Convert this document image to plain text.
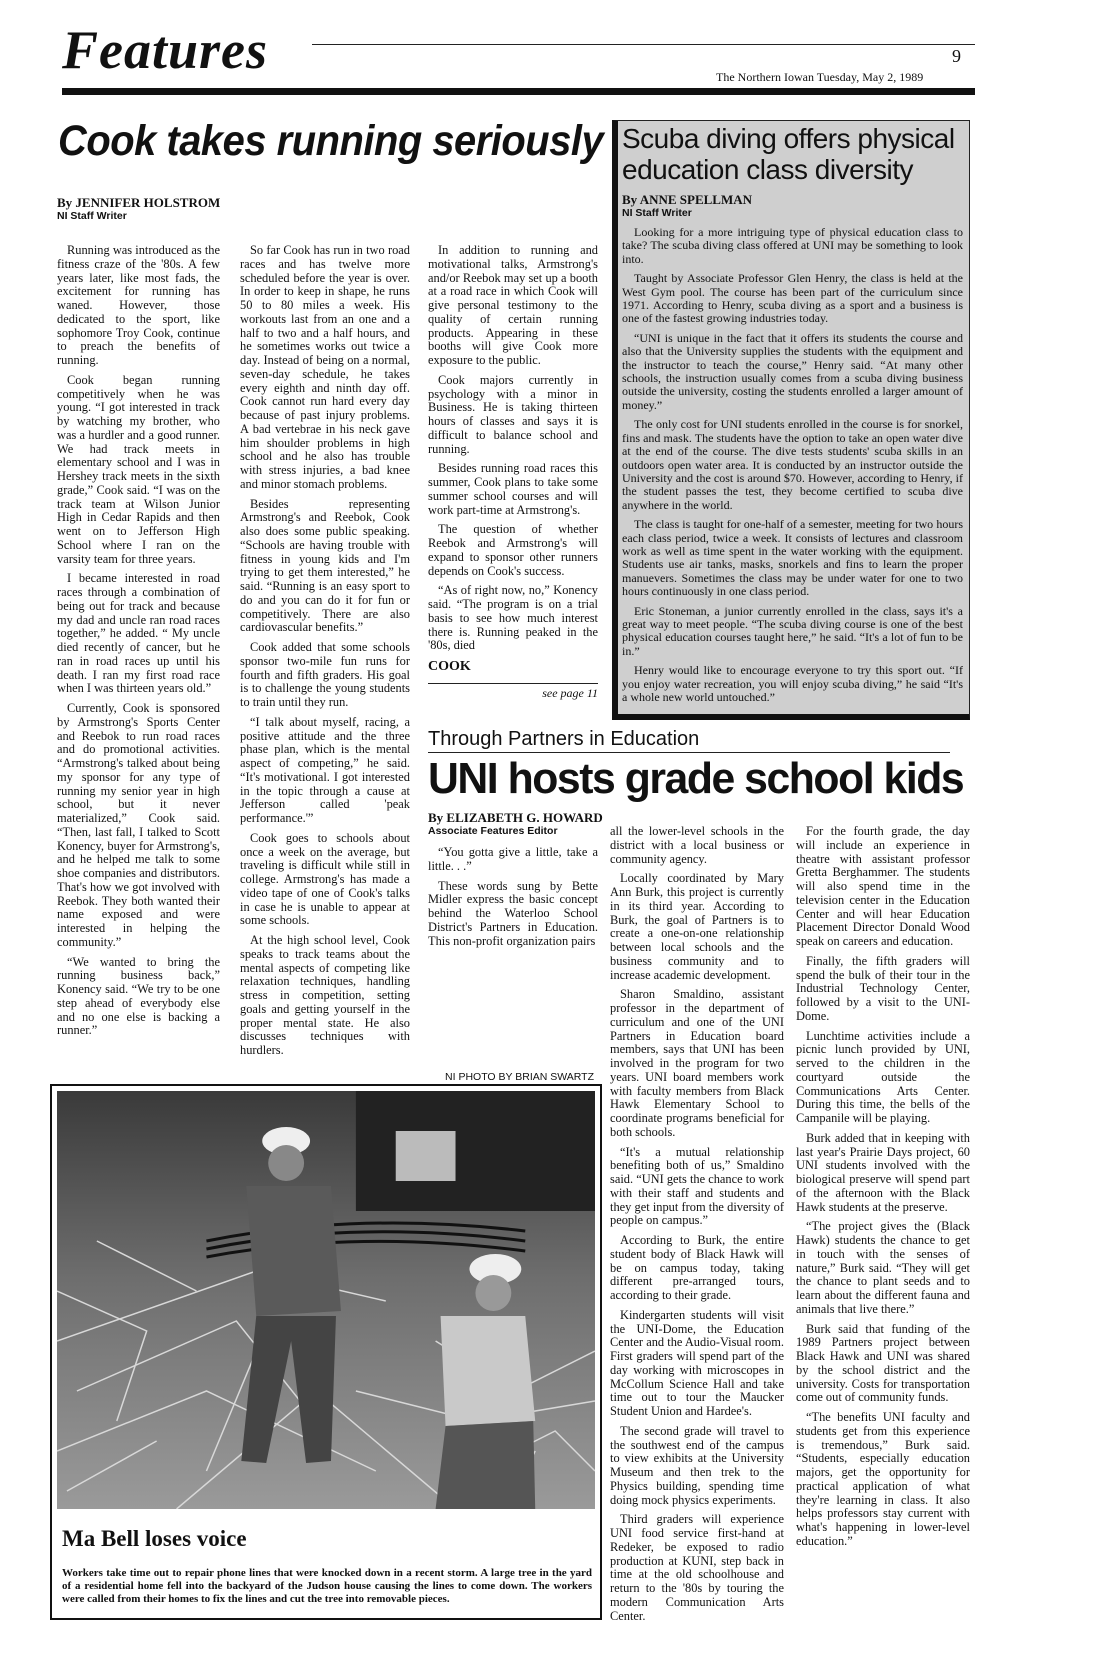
Features	9
The Northern Iowan Tuesday, May 2, 1989
Cook takes running seriously
By JENNIFER HOLSTROM
NI Staff Writer

Running was introduced as the fitness craze of the '80s. A few years later, like most fads, the excitement for running has waned. However, those dedicated to the sport, like sophomore Troy Cook, continue to preach the benefits of running.

Cook began running competitively when he was young. “I got interested in track by watching my brother, who was a hurdler and a good runner. We had track meets in elementary school and I was in Hershey track meets in the sixth grade,” Cook said. “I was on the track team at Wilson Junior High in Cedar Rapids and then went on to Jefferson High School where I ran on the varsity team for three years.

I became interested in road races through a combination of being out for track and because my dad and uncle ran road races together,” he added. “ My uncle died recently of cancer, but he ran in road races up until his death. I ran my first road race when I was thirteen years old.”

Currently, Cook is sponsored by Armstrong's Sports Center and Reebok to run road races and do promotional activities. “Armstrong's talked about being my sponsor for any type of running my senior year in high school, but it never materialized,” Cook said. “Then, last fall, I talked to Scott Konency, buyer for Armstrong's, and he helped me talk to some shoe companies and distributors. That's how we got involved with Reebok. They both wanted their name exposed and were interested in helping the community.”

“We wanted to bring the running business back,” Konency said. “We try to be one step ahead of everybody else and no one else is backing a runner.”

So far Cook has run in two road races and has twelve more scheduled before the year is over. In order to keep in shape, he runs 50 to 80 miles a week. His workouts last from an one and a half to two and a half hours, and he sometimes works out twice a day. Instead of being on a normal, seven-day schedule, he takes every eighth and ninth day off. Cook cannot run hard every day because of past injury problems. A bad vertebrae in his neck gave him shoulder problems in high school and he also has trouble with stress injuries, a bad knee and minor stomach problems.

Besides representing Armstrong's and Reebok, Cook also does some public speaking. “Schools are having trouble with fitness in young kids and I'm trying to get them interested,” he said. “Running is an easy sport to do and you can do it for fun or competitively. There are also cardiovascular benefits.”

Cook added that some schools sponsor two-mile fun runs for fourth and fifth graders. His goal is to challenge the young students to train until they run.

“I talk about myself, racing, a positive attitude and the three phase plan, which is the mental aspect of competing,” he said. “It's motivational. I got interested in the topic through a cause at Jefferson called 'peak performance.'”

Cook goes to schools about once a week on the average, but traveling is difficult while still in college. Armstrong's has made a video tape of one of Cook's talks in case he is unable to appear at some schools.

At the high school level, Cook speaks to track teams about the mental aspects of competing like relaxation techniques, handling stress in competition, setting goals and getting yourself in the proper mental state. He also discusses techniques with hurdlers.

In addition to running and motivational talks, Armstrong's and/or Reebok may set up a booth at a road race in which Cook will give personal testimony to the quality of certain running products. Appearing in these booths will give Cook more exposure to the public.

Cook majors currently in psychology with a minor in Business. He is taking thirteen hours of classes and says it is difficult to balance school and running.

Besides running road races this summer, Cook plans to take some summer school courses and will work part-time at Armstrong's.

The question of whether Reebok and Armstrong's will expand to sponsor other runners depends on Cook's success.

“As of right now, no,” Konency said. “The program is on a trial basis to see how much interest there is. Running peaked in the '80s, died

COOK
see page 11
Scuba diving offers physical education class diversity
By ANNE SPELLMAN
NI Staff Writer

Looking for a more intriguing type of physical education class to take? The scuba diving class offered at UNI may be something to look into.

Taught by Associate Professor Glen Henry, the class is held at the West Gym pool. The course has been part of the curriculum since 1971. According to Henry, scuba diving as a sport and a business is one of the fastest growing industries today.

“UNI is unique in the fact that it offers its students the course and also that the University supplies the students with the equipment and the instructor to teach the course,” Henry said. “At many other schools, the instruction usually comes from a scuba diving business outside the university, costing the students enrolled a larger amount of money.”

The only cost for UNI students enrolled in the course is for snorkel, fins and mask. The students have the option to take an open water dive at the end of the course. The dive tests students' scuba skills in an outdoors open water area. It is conducted by an instructor outside the University and the cost is around $70. However, according to Henry, if the student passes the test, they become certified to scuba dive anywhere in the world.

The class is taught for one-half of a semester, meeting for two hours each class period, twice a week. It consists of lectures and classroom work as well as time spent in the water working with the equipment. Students use air tanks, masks, snorkels and fins to learn the proper manuevers. Sometimes the class may be under water for one to two hours continuously in one class period.

Eric Stoneman, a junior currently enrolled in the class, says it's a great way to meet people. “The scuba diving course is one of the best physical education courses taught here,” he said. “It's a lot of fun to be in.”

Henry would like to encourage everyone to try this sport out. “If you enjoy water recreation, you will enjoy scuba diving,” he said “It's a whole new world untouched.”

Through Partners in Education
UNI hosts grade school kids
By ELIZABETH G. HOWARD
Associate Features Editor

“You gotta give a little, take a little. . .”

These words sung by Bette Midler express the basic concept behind the Waterloo School District's Partners in Education. This non-profit organization pairs

all the lower-level schools in the district with a local business or community agency.

Locally coordinated by Mary Ann Burk, this project is currently in its third year. According to Burk, the goal of Partners is to create a one-on-one relationship between local schools and the business community and to increase academic development.

Sharon Smaldino, assistant professor in the department of curriculum and one of the UNI Partners in Education board members, says that UNI has been involved in the program for two years. UNI board members work with faculty members from Black Hawk Elementary School to coordinate programs beneficial for both schools.

“It's a mutual relationship benefiting both of us,” Smaldino said. “UNI gets the chance to work with their staff and students and they get input from the diversity of people on campus.”

According to Burk, the entire student body of Black Hawk will be on campus today, taking different pre-arranged tours, according to their grade.

Kindergarten students will visit the UNI-Dome, the Education Center and the Audio-Visual room. First graders will spend part of the day working with microscopes in McCollum Science Hall and take time out to tour the Maucker Student Union and Hardee's.

The second grade will travel to the southwest end of the campus to view exhibits at the University Museum and then trek to the Physics building, spending time doing mock physics experiments.

Third graders will experience UNI food service first-hand at Redeker, be exposed to radio production at KUNI, step back in time at the old schoolhouse and return to the '80s by touring the modern Communication Arts Center.

For the fourth grade, the day will include an experience in theatre with assistant professor Gretta Berghammer. The students will also spend time in the television center in the Education Center and will hear Education Placement Director Donald Wood speak on careers and education.

Finally, the fifth graders will spend the bulk of their tour in the Industrial Technology Center, followed by a visit to the UNI-Dome.

Lunchtime activities include a picnic lunch provided by UNI, served to the children in the courtyard outside the Communications Arts Center. During this time, the bells of the Campanile will be playing.

Burk added that in keeping with last year's Prairie Days project, 60 UNI students involved with the biological preserve will spend part of the afternoon with the Black Hawk students at the preserve.

“The project gives the (Black Hawk) students the chance to get in touch with the senses of nature,” Burk said. “They will get the chance to plant seeds and to learn about the different fauna and animals that live there.”

Burk said that funding of the 1989 Partners project between Black Hawk and UNI was shared by the school district and the university. Costs for transportation come out of community funds.

“The benefits UNI faculty and students get from this experience is tremendous,” Burk said. “Students, especially education majors, get the opportunity for practical application of what they're learning in class. It also helps professors stay current with what's happening in lower-level education.”

NI PHOTO BY BRIAN SWARTZ
Ma Bell loses voice
Workers take time out to repair phone lines that were knocked down in a recent storm. A large tree in the yard of a residential home fell into the backyard of the Judson house causing the lines to come down. The workers were called from their homes to fix the lines and cut the tree into removable pieces.
